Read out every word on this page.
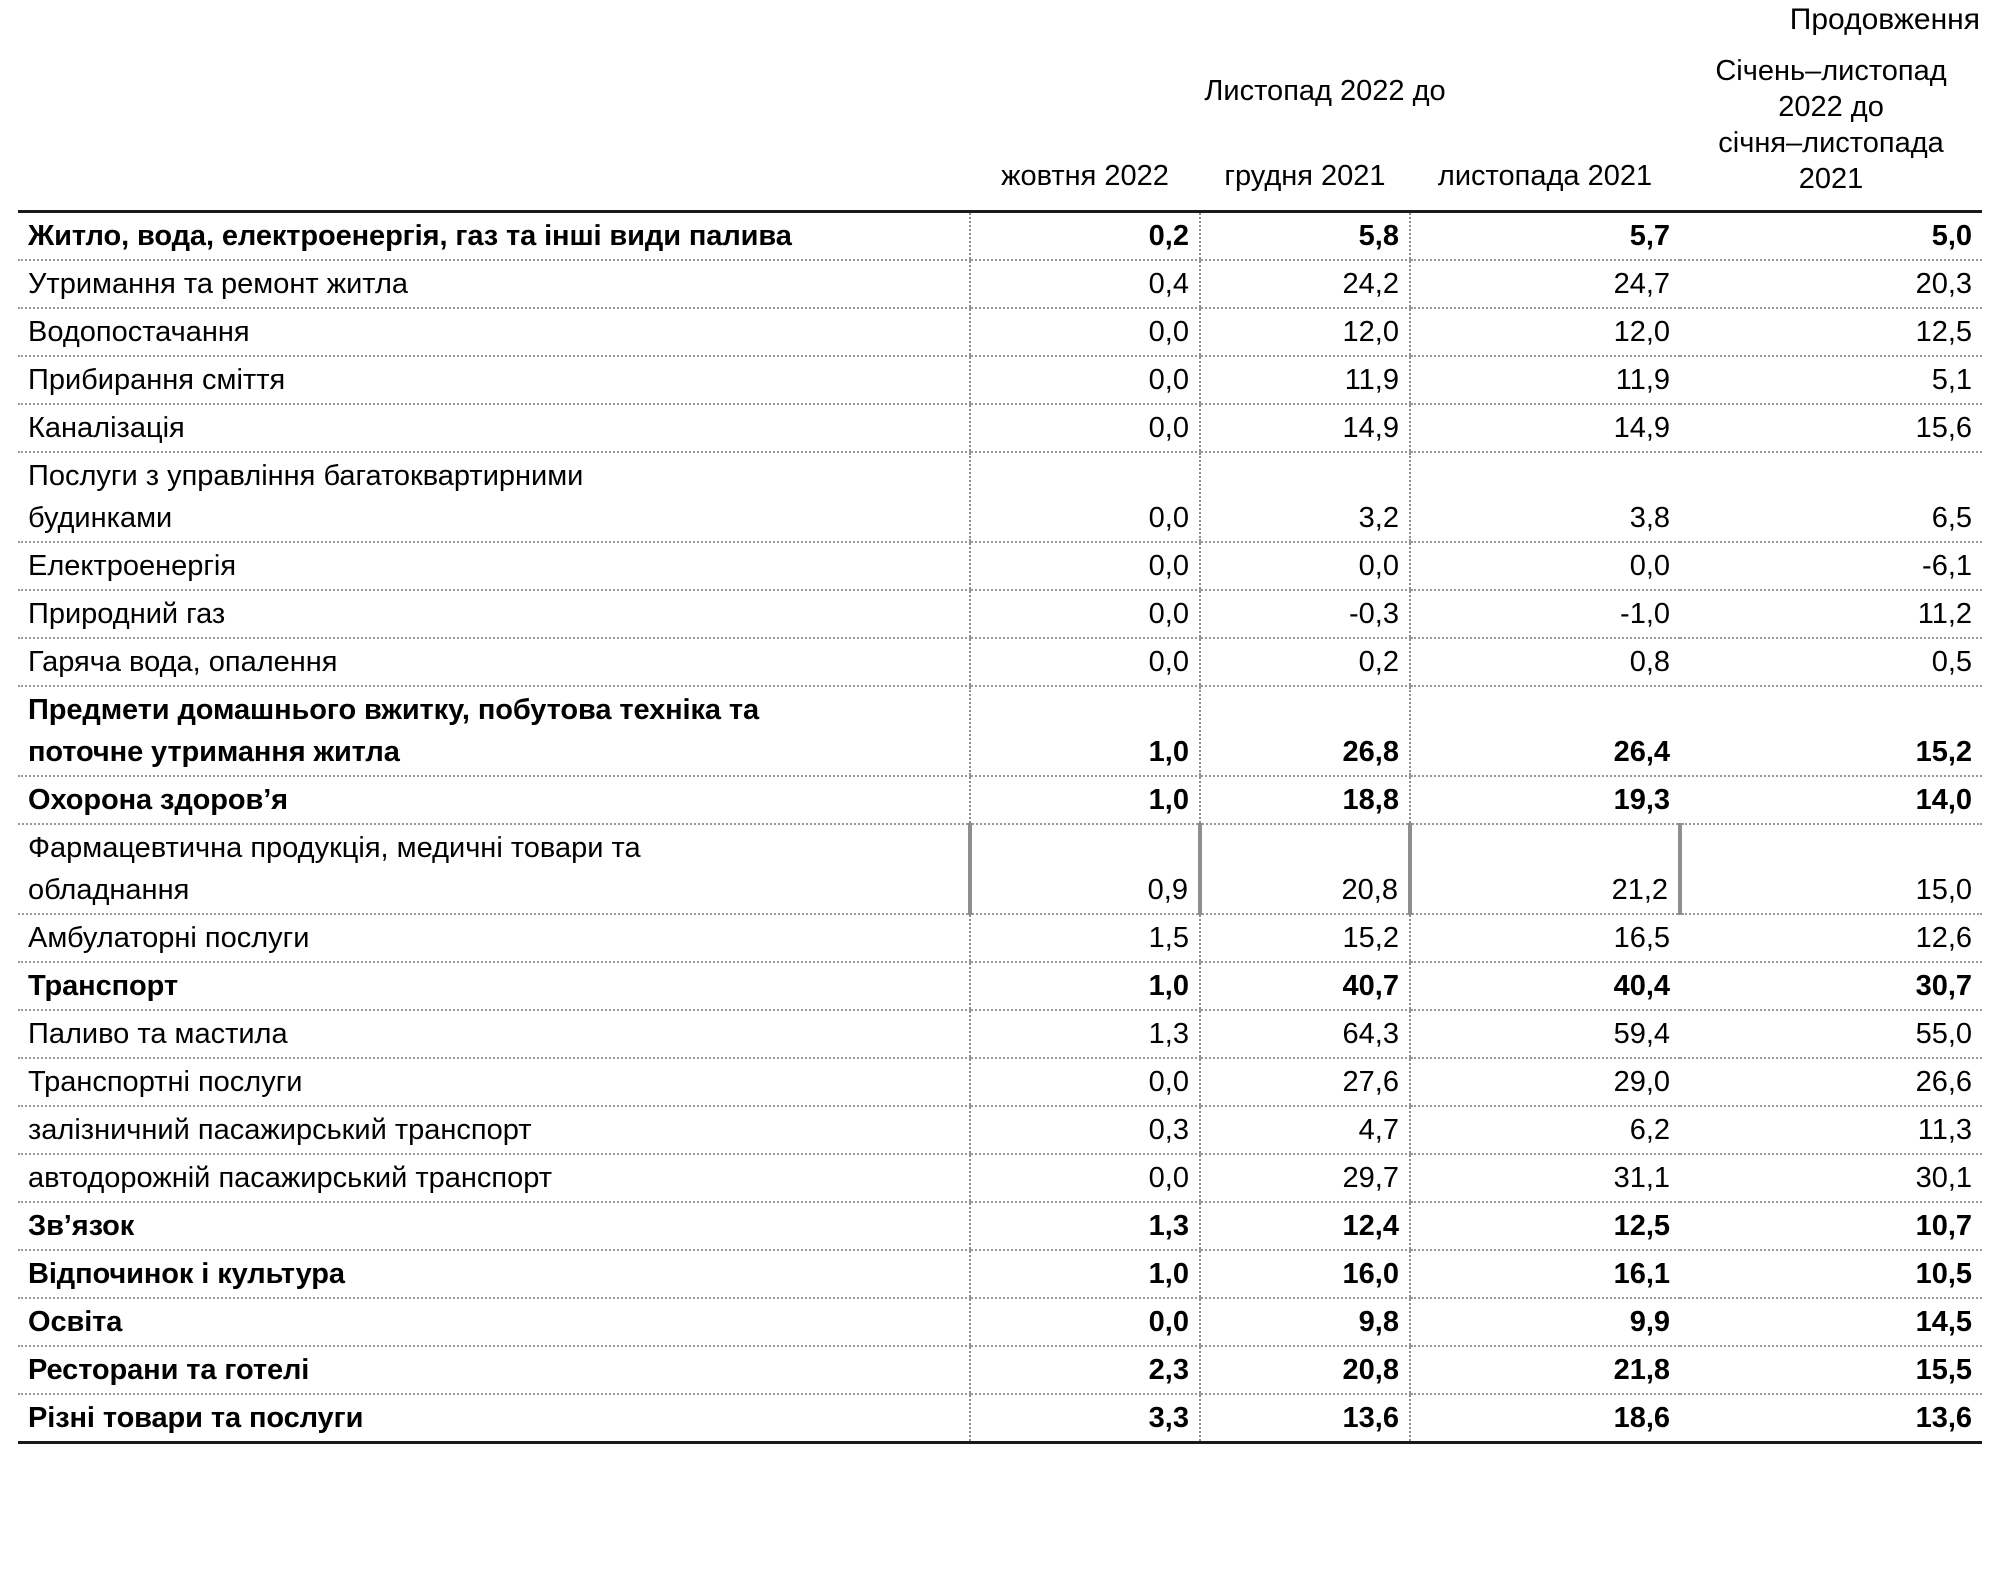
Продовження
	Листопад 2022 до			Січень–листопад
2022 до
січня–листопада
2021

	жовтня 2022	грудня 2021	листопада 2021	

Житло, вода, електроенергія, газ та інші види палива	0,2	5,8	5,7	5,0

Утримання та ремонт житла	0,4	24,2	24,7	20,3

Водопостачання	0,0	12,0	12,0	12,5

Прибирання сміття	0,0	11,9	11,9	5,1

Каналізація	0,0	14,9	14,9	15,6

Послуги з управління багатоквартирними
будинками	0,0	3,2	3,8	6,5

Електроенергія	0,0	0,0	0,0	-6,1

Природний газ	0,0	-0,3	-1,0	11,2

Гаряча вода, опалення	0,0	0,2	0,8	0,5

Предмети домашнього вжитку, побутова техніка та
поточне утримання житла	1,0	26,8	26,4	15,2

Охорона здоров’я	1,0	18,8	19,3	14,0

Фармацевтична продукція, медичні товари та
обладнання	0,9	20,8	21,2	15,0

Амбулаторні послуги	1,5	15,2	16,5	12,6

Транспорт	1,0	40,7	40,4	30,7

Паливо та мастила	1,3	64,3	59,4	55,0

Транспортні послуги	0,0	27,6	29,0	26,6

залізничний пасажирський транспорт	0,3	4,7	6,2	11,3

автодорожній пасажирський транспорт	0,0	29,7	31,1	30,1

Зв’язок	1,3	12,4	12,5	10,7

Відпочинок і культура	1,0	16,0	16,1	10,5

Освіта	0,0	9,8	9,9	14,5

Ресторани та готелі	2,3	20,8	21,8	15,5

Різні товари та послуги	3,3	13,6	18,6	13,6
